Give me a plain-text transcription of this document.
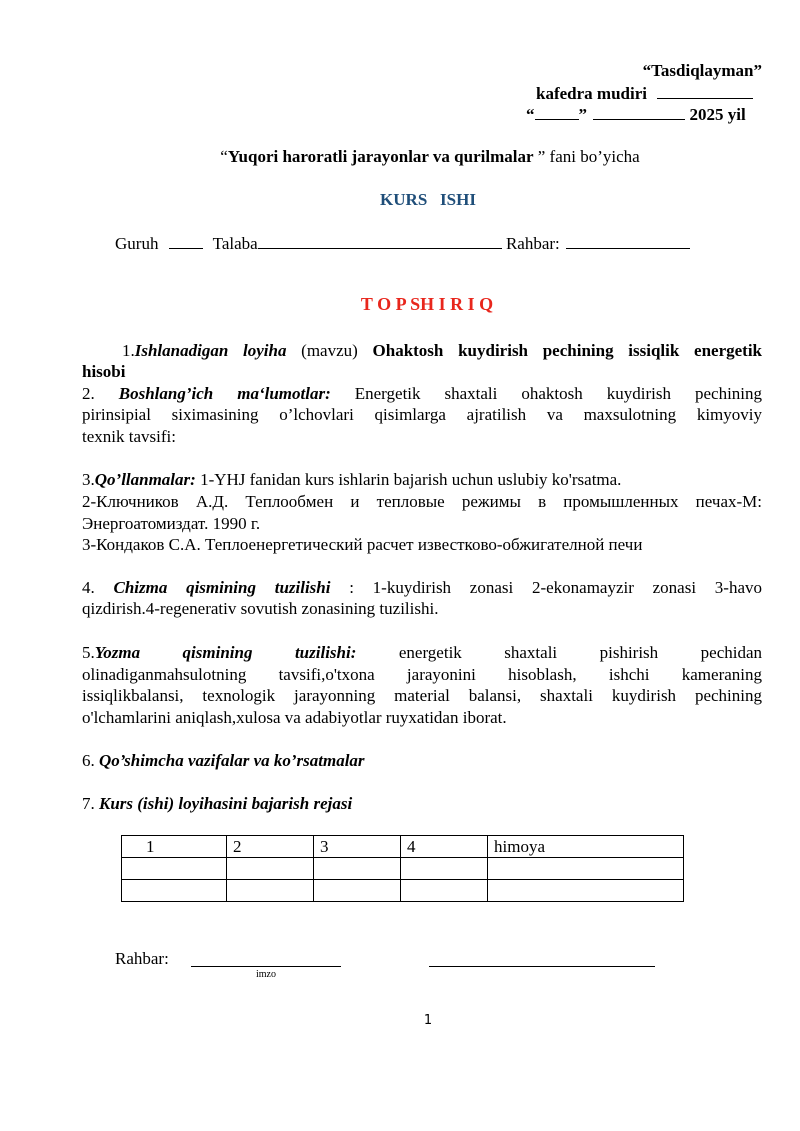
“Tasdiqlayman”
kafedra mudiri
“	”	2025 yil
“Yuqori haroratli jarayonlar va qurilmalar ” fani bo’yicha
KURS   ISHI
Guruh	Talaba	Rahbar:
T O P SH I R I Q
1.Ishlanadigan loyiha (mavzu) Ohaktosh kuydirish pechining issiqlik energetik
hisobi
2. Boshlang’ich ma‘lumotlar: Energetik shaxtali ohaktosh kuydirish pechining
pirinsipial siximasining o’lchovlari qisimlarga ajratilish va maxsulotning kimyoviy
texnik tavsifi:
3.Qo’llanmalar: 1-YHJ fanidan kurs ishlarin bajarish uchun uslubiy ko'rsatma.
2-Ключников А.Д. Теплообмен и тепловые режимы в промышленных печах-М:
Энергоатомиздат. 1990 г.
3-Кондаков С.А. Теплоенергетический расчет известково-обжигателной печи
4. Chizma qismining tuzilishi : 1-kuydirish zonasi 2-ekonamayzir zonasi 3-havo
qizdirish.4-regenerativ sovutish zonasining tuzilishi.
5.Yozma qismining tuzilishi: energetik shaxtali pishirish pechidan
olinadiganmahsulotning tavsifi,o'txona jarayonini hisoblash, ishchi kameraning
issiqlikbalansi, texnologik jarayonning material balansi, shaxtali kuydirish pechining
o'lchamlarini aniqlash,xulosa va adabiyotlar ruyxatidan iborat.
6. Qo’shimcha vazifalar va ko’rsatmalar
7. Kurs (ishi) loyihasini bajarish rejasi
1	2	3	4	himoya

Rahbar:
imzo
1
